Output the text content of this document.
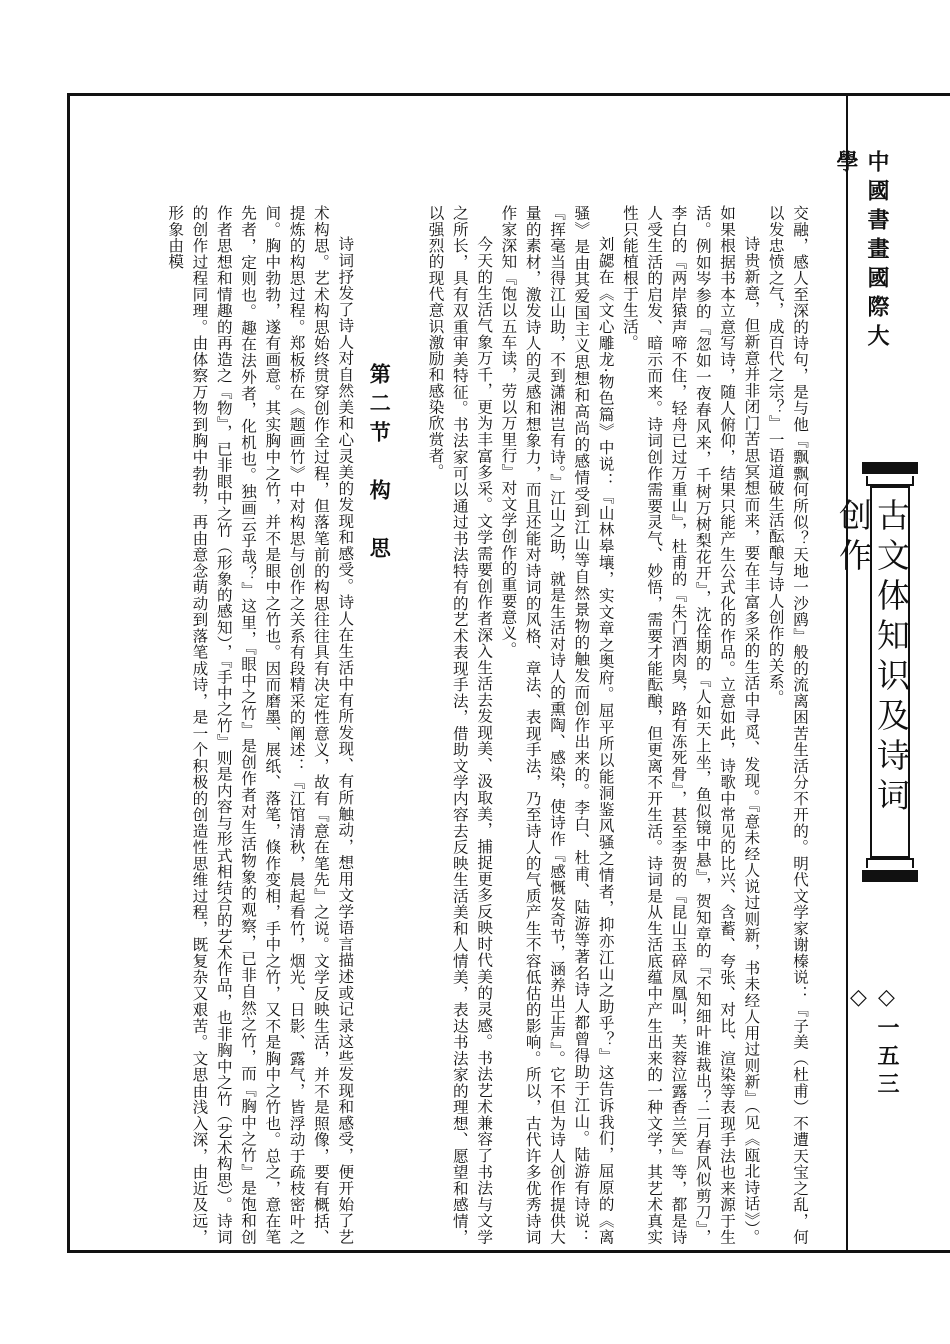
中國書畫國際大學
古文体知识及诗词创作
◇一五三◇

交融，感人至深的诗句，是与他『飘飘何所似？天地一沙鸥』般的流离困苦生活分不开的。明代文学家谢榛说：『子美（杜甫）不遭天宝之乱，何以发忠愤之气，成百代之宗？』一语道破生活酝酿与诗人创作的关系。

诗贵新意，但新意并非闭门苦思冥想而来，要在丰富多采的生活中寻觅、发现。『意未经人说过则新，书未经人用过则新』（见《瓯北诗话》）。如果根据书本立意写诗，随人俯仰，结果只能产生公式化的作品。立意如此，诗歌中常见的比兴、含蓄、夸张、对比、渲染等表现手法也来源于生活。例如岑参的『忽如一夜春风来，千树万树梨花开』，沈佺期的『人如天上坐，鱼似镜中悬』，贺知章的『不知细叶谁裁出？二月春风似剪刀』，李白的『两岸猿声啼不住，轻舟已过万重山』，杜甫的『朱门酒肉臭，路有冻死骨』，甚至李贺的『昆山玉碎凤凰叫，芙蓉泣露香兰笑』等，都是诗人受生活的启发、暗示而来。诗词创作需要灵气、妙悟，需要才能酝酿，但更离不开生活。诗词是从生活底蕴中产生出来的一种文学，其艺术真实性只能植根于生活。

刘勰在《文心雕龙·物色篇》中说：『山林皋壤，实文章之奥府。屈平所以能洞鉴风骚之情者，抑亦江山之助乎？』这告诉我们，屈原的《离骚》是由其爱国主义思想和高尚的感情受到江山等自然景物的触发而创作出来的。李白、杜甫、陆游等著名诗人都曾得助于江山。陆游有诗说：『挥毫当得江山助，不到潇湘岂有诗。』江山之助，就是生活对诗人的熏陶、感染，使诗作『感慨发奇节，涵养出正声』。它不但为诗人创作提供大量的素材，激发诗人的灵感和想象力，而且还能对诗词的风格、章法、表现手法，乃至诗人的气质产生不容低估的影响。所以，古代许多优秀诗词作家深知『饱以五车读，劳以万里行』对文学创作的重要意义。

今天的生活气象万千，更为丰富多采。文学需要创作者深入生活去发现美、汲取美，捕捉更多反映时代美的灵感。书法艺术兼容了书法与文学之所长，具有双重审美特征。书法家可以通过书法特有的艺术表现手法，借助文学内容去反映生活美和人情美，表达书法家的理想、愿望和感情，以强烈的现代意识激励和感染欣赏者。

第二节　构　思

诗词抒发了诗人对自然美和心灵美的发现和感受。诗人在生活中有所发现、有所触动，想用文学语言描述或记录这些发现和感受，便开始了艺术构思。艺术构思始终贯穿创作全过程，但落笔前的构思往往具有决定性意义，故有『意在笔先』之说。文学反映生活，并不是照像，要有概括、提炼的构思过程。郑板桥在《题画竹》中对构思与创作之关系有段精采的阐述：『江馆清秋，晨起看竹，烟光、日影、露气，皆浮动于疏枝密叶之间。胸中勃勃，遂有画意。其实胸中之竹，并不是眼中之竹也。因而磨墨、展纸、落笔，倏作变相，手中之竹，又不是胸中之竹也。总之，意在笔先者，定则也。趣在法外者，化机也。独画云乎哉？』这里，『眼中之竹』是创作者对生活物象的观察，已非自然之竹，而『胸中之竹』是饱和创作者思想和情趣的再造之『物』，已非眼中之竹（形象的感知），『手中之竹』则是内容与形式相结合的艺术作品，也非胸中之竹（艺术构思）。诗词的创作过程同理。由体察万物到胸中勃勃，再由意念萌动到落笔成诗，是一个积极的创造性思维过程，既复杂又艰苦。文思由浅入深，由近及远，形象由模
